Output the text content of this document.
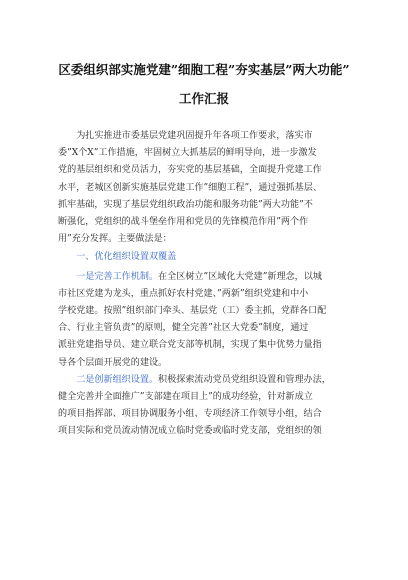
区委组织部实施党建”细胞工程”夯实基层”两大功能”
工作汇报

为扎实推进市委基层党建巩固提升年各项工作要求，落实市
委”X个X”工作措施，牢固树立大抓基层的鲜明导向，进一步激发
党的基层组织和党员活力，夯实党的基层基础，全面提升党建工作
水平，老城区创新实施基层党建工作”细胞工程”，通过强抓基层、
抓牢基础，实现了基层党组织政治功能和服务功能”两大功能”不
断强化，党组织的战斗堡垒作用和党员的先锋模范作用”两个作
用”充分发挥。主要做法是：

一、优化组织设置双覆盖

一是完善工作机制。在全区树立”区域化大党建”新理念，以城
市社区党建为龙头，重点抓好农村党建、”两新”组织党建和中小
学校党建。按照”组织部门牵头、基层党（工）委主抓，党群各口配
合、行业主管负责”的原则，健全完善”社区大党委”制度，通过
派驻党建指导员、建立联合党支部等机制，实现了集中优势力量指
导各个层面开展党的建设。

二是创新组织设置。积极探索流动党员党组织设置和管理办法，
健全完善并全面推广”支部建在项目上”的成功经验，针对新成立
的项目指挥部、项目协调服务小组、专项经济工作领导小组，结合
项目实际和党员流动情况成立临时党委或临时党支部，党组织的领
